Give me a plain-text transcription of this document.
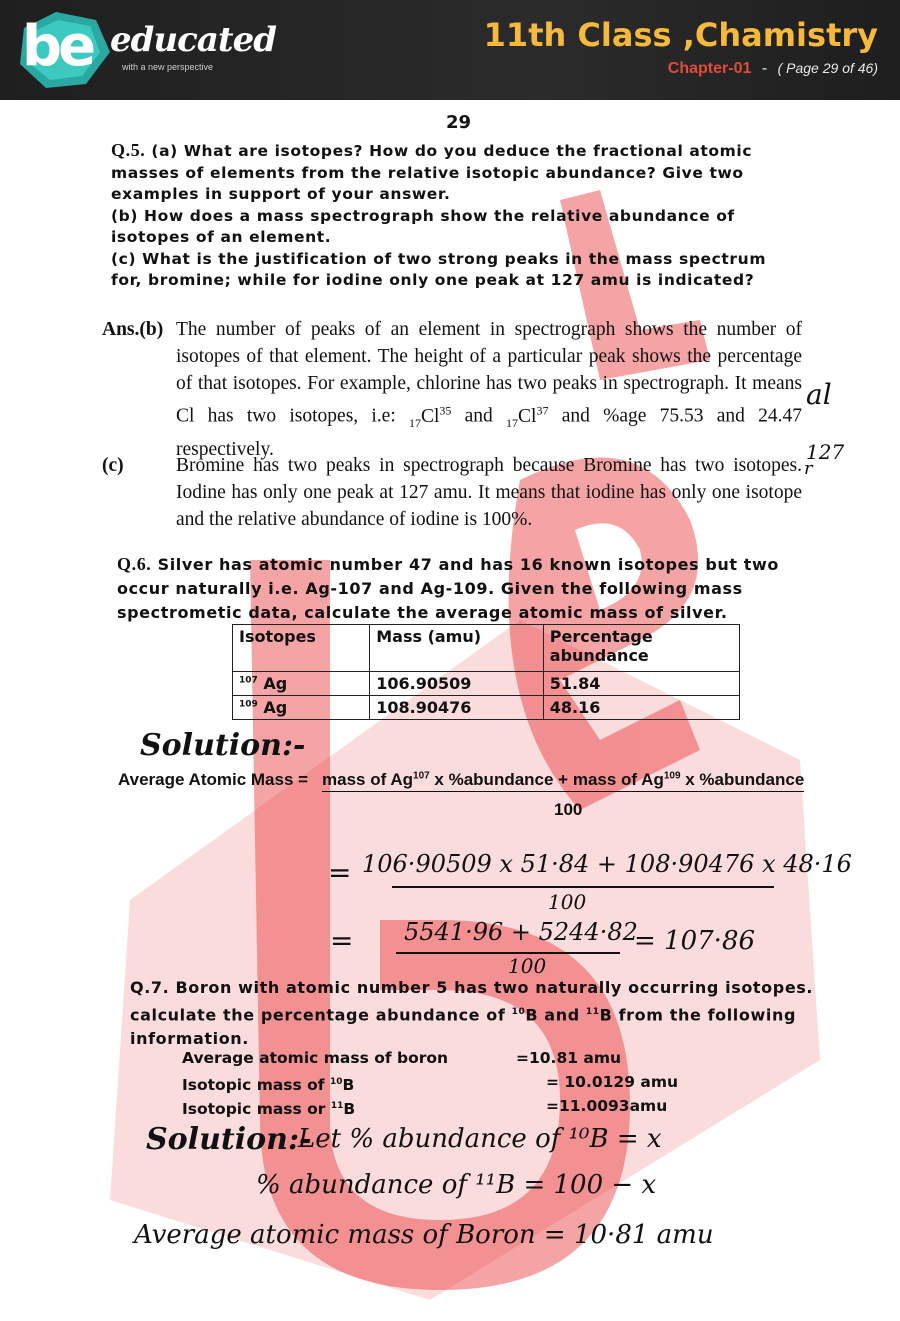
be educated
with a new perspective
11th Class ,Chamistry
Chapter-01 - ( Page 29 of 46)
29
Q.5. (a) What are isotopes? How do you deduce the fractional atomic
masses of elements from the relative isotopic abundance? Give two
examples in support of your answer.
(b) How does a mass spectrograph show the relative abundance of
isotopes of an element.
(c) What is the justification of two strong peaks in the mass spectrum
for, bromine; while for iodine only one peak at 127 amu is indicated?
Ans.(b) The number of peaks of an element in spectrograph shows the number of isotopes of that element. The height of a particular peak shows the percentage of that isotopes. For example, chlorine has two peaks in spectrograph. It means Cl has two isotopes, i.e: $_{17}Cl^{35}$ and $_{17}Cl^{37}$ and %age 75.53 and 24.47 respectively.
(c)	Bromine has two peaks in spectrograph because Bromine has two isotopes. Iodine has only one peak at 127 amu. It means that iodine has only one isotope and the relative abundance of iodine is 100%.
al
127
r
Q.6. Silver has atomic number 47 and has 16 known isotopes but two
occur naturally i.e. Ag-107 and Ag-109. Given the following mass
spectrometic data, calculate the average atomic mass of silver.
Isotopes	Mass (amu)	Percentage abundance
$^{107}$ Ag	106.90509	51.84
$^{109}$ Ag	108.90476	48.16
Solution:-
Average Atomic Mass = mass of Ag$^{107}$ x %abundance + mass of Ag$^{109}$ x %abundance
100
= 106·90509 x 51·84 + 108·90476 x 48·16
100
= 5541·96 + 5244·82
100
= 107·86
Q.7. Boron with atomic number 5 has two naturally occurring isotopes.
calculate the percentage abundance of $^{10}$B and $^{11}$B from the following
information.
Average atomic mass of boron	=10.81 amu
Isotopic mass of $^{10}$B	= 10.0129 amu
Isotopic mass or $^{11}$B	=11.0093amu
Solution:-
Let % abundance of ¹⁰B = x
% abundance of ¹¹B = 100 − x
Average atomic mass of Boron = 10·81 amu
